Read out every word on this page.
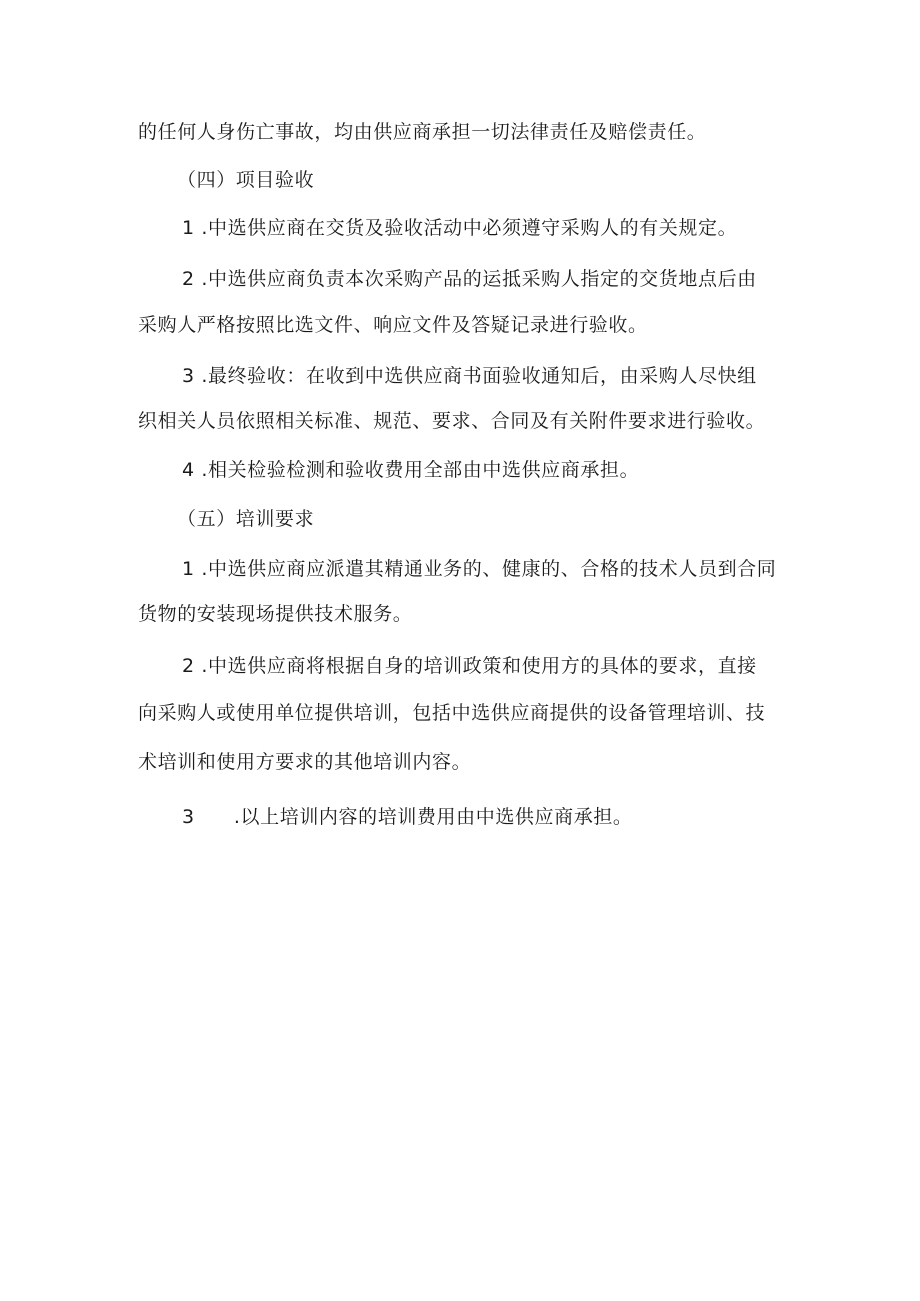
的任何人身伤亡事故，均由供应商承担一切法律责任及赔偿责任。
（四）项目验收
1 .中选供应商在交货及验收活动中必须遵守采购人的有关规定。
2 .中选供应商负责本次采购产品的运抵采购人指定的交货地点后由
采购人严格按照比选文件、响应文件及答疑记录进行验收。
3 .最终验收：在收到中选供应商书面验收通知后，由采购人尽快组
织相关人员依照相关标准、规范、要求、合同及有关附件要求进行验收。
4 .相关检验检测和验收费用全部由中选供应商承担。
（五）培训要求
1 .中选供应商应派遣其精通业务的、健康的、合格的技术人员到合同
货物的安装现场提供技术服务。
2 .中选供应商将根据自身的培训政策和使用方的具体的要求，直接
向采购人或使用单位提供培训，包括中选供应商提供的设备管理培训、技
术培训和使用方要求的其他培训内容。
3　　.以上培训内容的培训费用由中选供应商承担。
